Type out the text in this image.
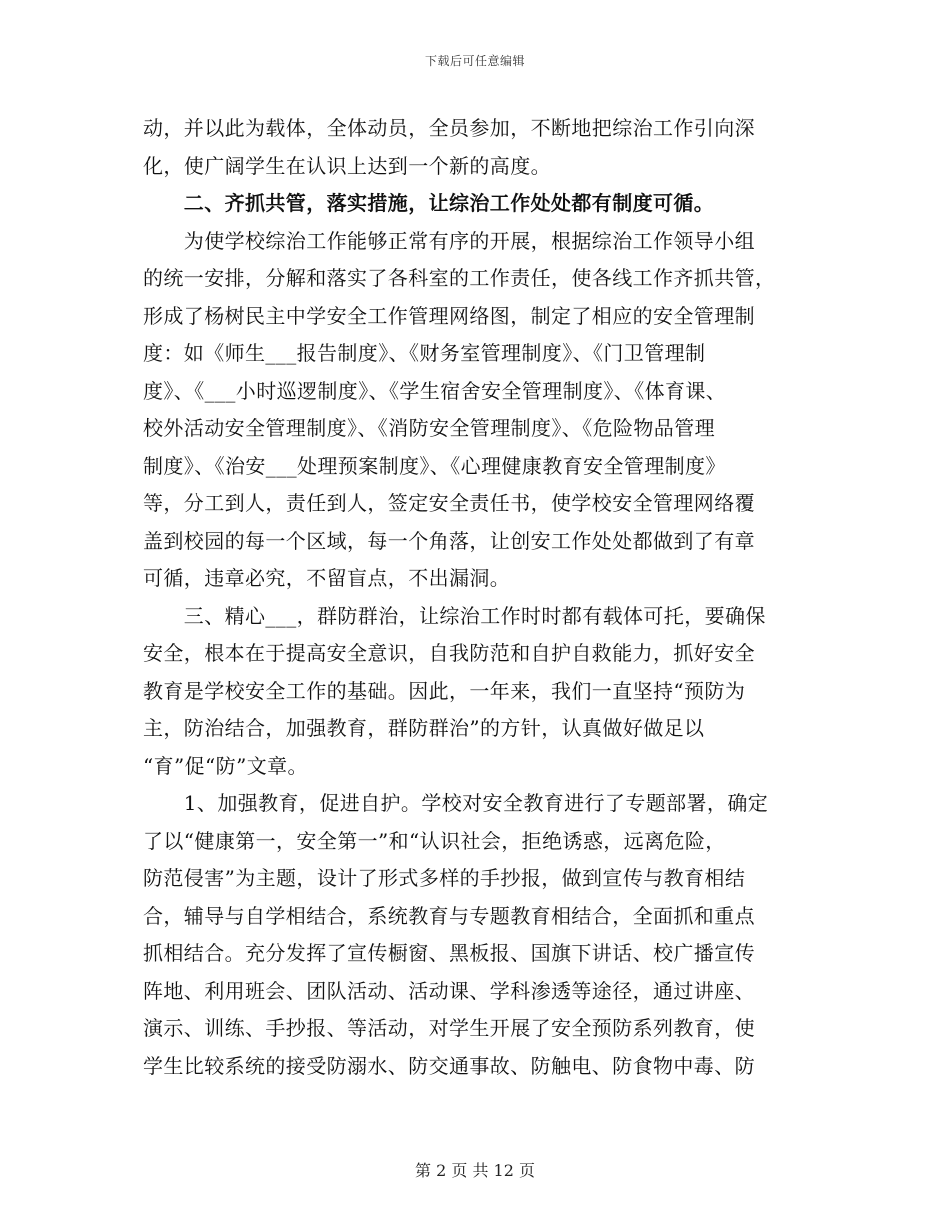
下载后可任意编辑
动，并以此为载体，全体动员，全员参加，不断地把综治工作引向深
化，使广阔学生在认识上达到一个新的高度。
　　二、齐抓共管，落实措施，让综治工作处处都有制度可循。
　　为使学校综治工作能够正常有序的开展，根据综治工作领导小组
的统一安排，分解和落实了各科室的工作责任，使各线工作齐抓共管，
形成了杨树民主中学安全工作管理网络图，制定了相应的安全管理制
度：如《师生___报告制度》、《财务室管理制度》、《门卫管理制
度》、《___小时巡逻制度》、《学生宿舍安全管理制度》、《体育课、
校外活动安全管理制度》、《消防安全管理制度》、《危险物品管理
制度》、《治安___处理预案制度》、《心理健康教育安全管理制度》
等，分工到人，责任到人，签定安全责任书，使学校安全管理网络覆
盖到校园的每一个区域，每一个角落，让创安工作处处都做到了有章
可循，违章必究，不留盲点，不出漏洞。
　　三、精心___，群防群治，让综治工作时时都有载体可托，要确保
安全，根本在于提高安全意识，自我防范和自护自救能力，抓好安全
教育是学校安全工作的基础。因此，一年来，我们一直坚持“预防为
主，防治结合，加强教育，群防群治”的方针，认真做好做足以
“育”促“防”文章。
　　1、加强教育，促进自护。学校对安全教育进行了专题部署，确定
了以“健康第一，安全第一”和“认识社会，拒绝诱惑，远离危险，
防范侵害”为主题，设计了形式多样的手抄报，做到宣传与教育相结
合，辅导与自学相结合，系统教育与专题教育相结合，全面抓和重点
抓相结合。充分发挥了宣传橱窗、黑板报、国旗下讲话、校广播宣传
阵地、利用班会、团队活动、活动课、学科渗透等途径，通过讲座、
演示、训练、手抄报、等活动，对学生开展了安全预防系列教育，使
学生比较系统的接受防溺水、防交通事故、防触电、防食物中毒、防
第 2 页 共 12 页
